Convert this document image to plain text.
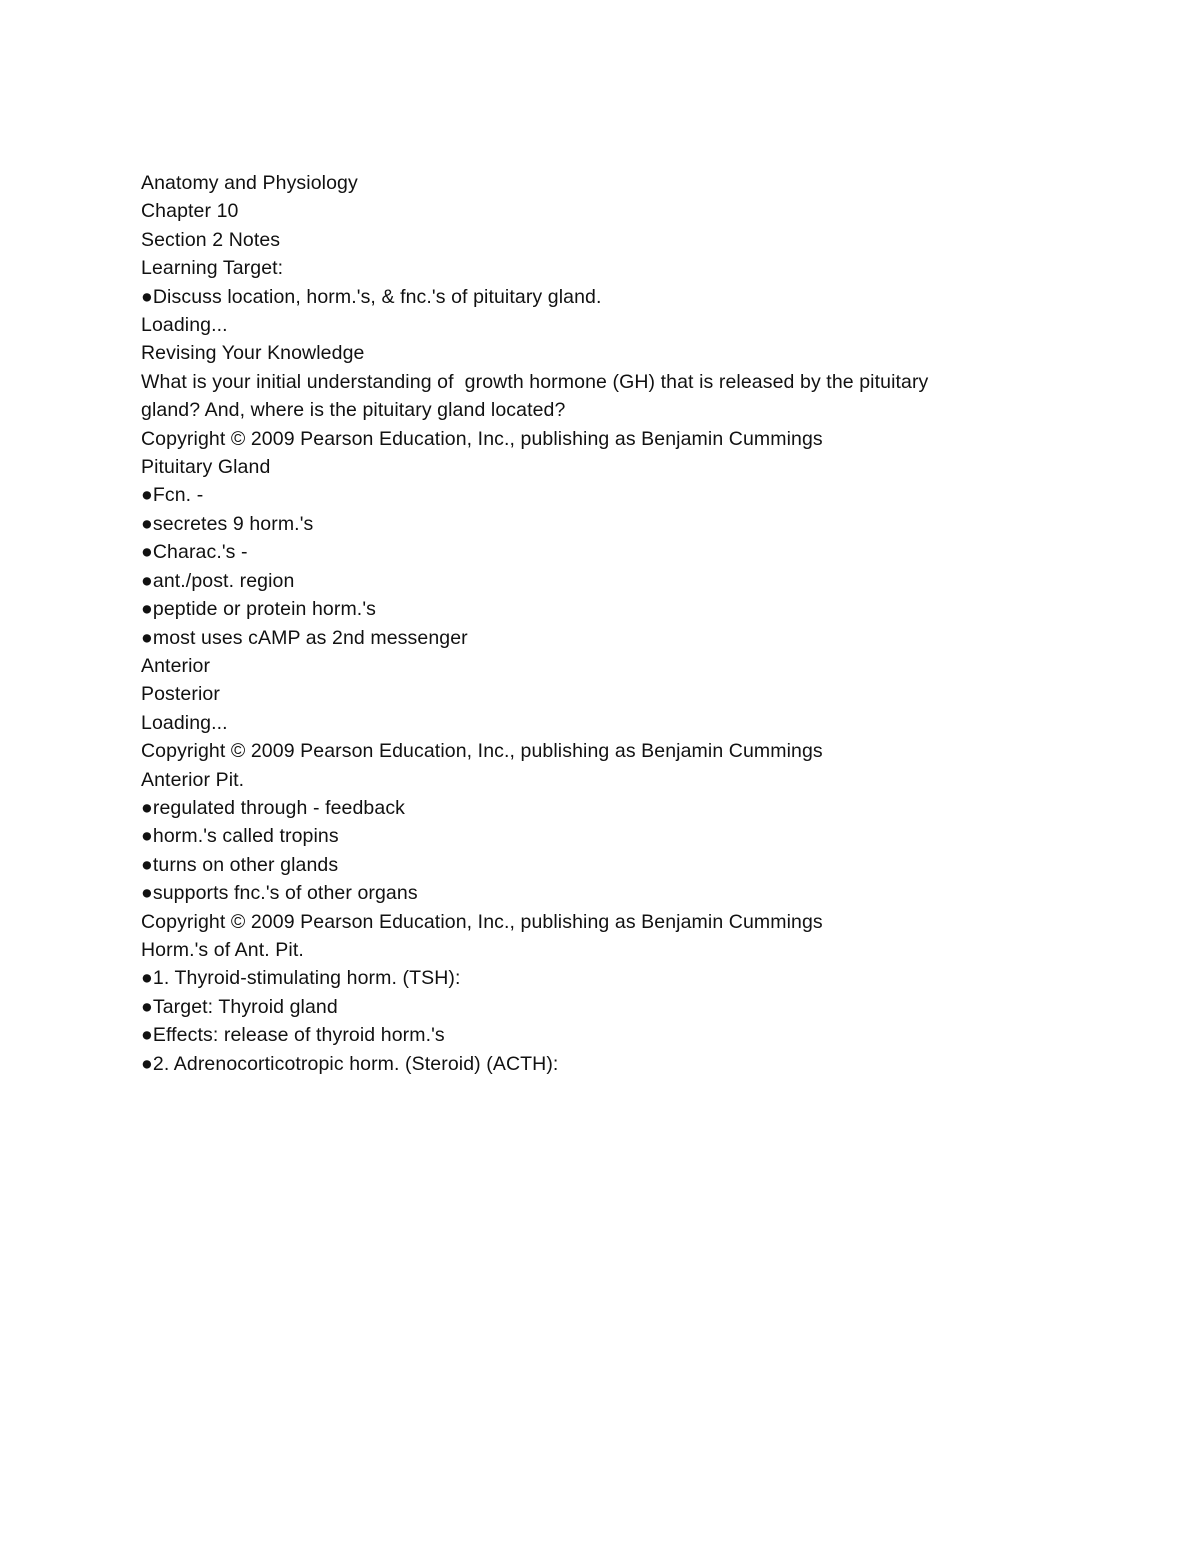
Anatomy and Physiology
Chapter 10
Section 2 Notes
Learning Target:
●Discuss location, horm.'s, & fnc.'s of pituitary gland.
Loading...
Revising Your Knowledge
What is your initial understanding of  growth hormone (GH) that is released by the pituitary
gland? And, where is the pituitary gland located?
Copyright © 2009 Pearson Education, Inc., publishing as Benjamin Cummings
Pituitary Gland
●Fcn. -
●secretes 9 horm.'s
●Charac.'s -
●ant./post. region
●peptide or protein horm.'s
●most uses cAMP as 2nd messenger
Anterior
Posterior
Loading...
Copyright © 2009 Pearson Education, Inc., publishing as Benjamin Cummings
Anterior Pit.
●regulated through - feedback
●horm.'s called tropins
●turns on other glands
●supports fnc.'s of other organs
Copyright © 2009 Pearson Education, Inc., publishing as Benjamin Cummings
Horm.'s of Ant. Pit.
●1. Thyroid-stimulating horm. (TSH):
●Target: Thyroid gland
●Effects: release of thyroid horm.'s
●2. Adrenocorticotropic horm. (Steroid) (ACTH):
